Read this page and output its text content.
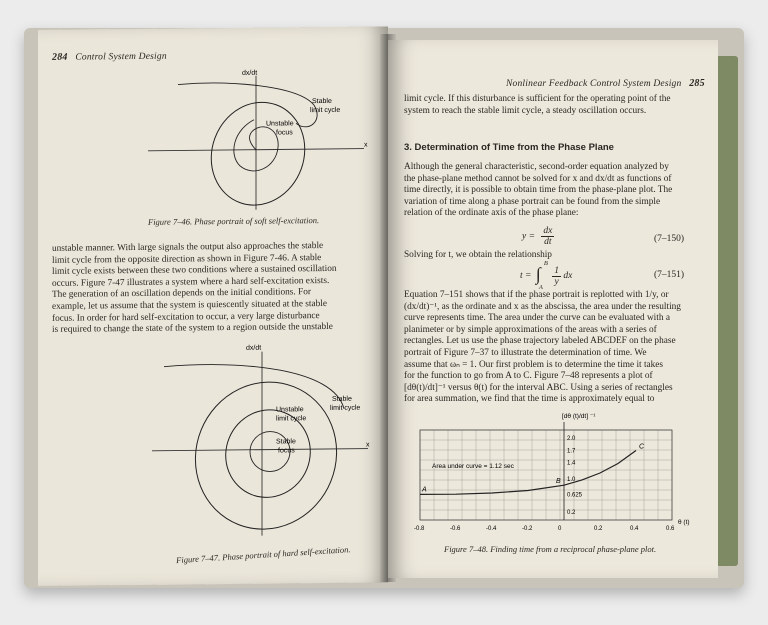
284 Control System Design
x
dx/dt
Stable
limit cycle
Unstable
focus
Figure 7–46. Phase portrait of soft self-excitation.

unstable manner. With large signals the output also approaches the stable

limit cycle from the opposite direction as shown in Figure 7-46. A stable

limit cycle exists between these two conditions where a sustained oscillation

occurs. Figure 7-47 illustrates a system where a hard self-excitation exists.

The generation of an oscillation depends on the initial conditions. For

example, let us assume that the system is quiescently situated at the stable

focus. In order for hard self-excitation to occur, a very large disturbance

is required to change the state of the system to a region outside the unstable

x
dx/dt
Stable
limit cycle
Unstable
limit cycle
Stable
focus
Figure 7–47. Phase portrait of hard self-excitation.
Nonlinear Feedback Control System Design 285

limit cycle. If this disturbance is sufficient for the operating point of the

system to reach the stable limit cycle, a steady oscillation occurs.

3. Determination of Time from the Phase Plane

Although the general characteristic, second-order equation analyzed by

the phase-plane method cannot be solved for x and dx/dt as functions of

time directly, it is possible to obtain time from the phase-plane plot. The

variation of time along a phase portrait can be found from the simple

relation of the ordinate axis of the phase plane:

$y = \frac{dx}{dt}$	(7–150)
Solving for t, we obtain the relationship
t = ∫
B
A

$\frac{1}{y}$ dx	(7–151)

Equation 7–151 shows that if the phase portrait is replotted with 1/y, or

(dx/dt)⁻¹, as the ordinate and x as the abscissa, the area under the resulting

curve represents time. The area under the curve can be evaluated with a

planimeter or by simple approximations of the areas with a series of

rectangles. Let us use the phase trajectory labeled ABCDEF on the phase

portrait of Figure 7–37 to illustrate the determination of time. We

assume that ωₙ = 1. Our first problem is to determine the time it takes

for the function to go from A to C. Figure 7–48 represents a plot of

[dθ(t)/dt]⁻¹ versus θ(t) for the interval ABC. Using a series of rectangles

for area summation, we find that the time is approximately equal to

-0.8	-0.6	-0.4	-0.2	0	0.2	0.4	0.6
0.2
0.625
1.0
1.4
1.7
2.0
[dθ (t)/dt] ⁻¹
θ (t)
Area under curve = 1.12 sec
A
B
C
Figure 7–48. Finding time from a reciprocal phase-plane plot.
